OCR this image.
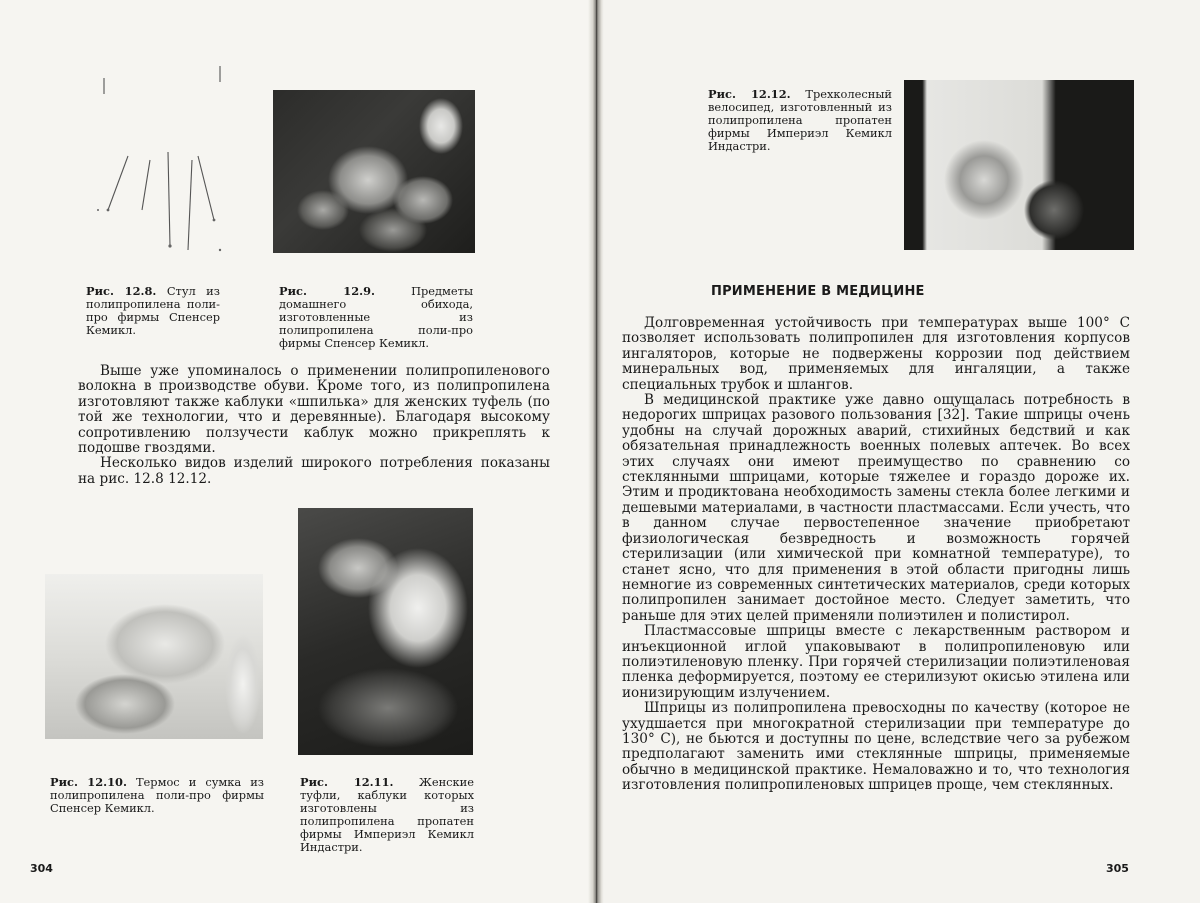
Рис. 12.8. Стул из полипропилена поли-про фирмы Спенсер Кемикл.
Рис. 12.9.	Предметы домашнего обихода, изготовленные из полипропилена поли-про фирмы Спенсер Кемикл.

Выше уже упоминалось о применении полипропиленового волокна в производстве обуви. Кроме того, из полипропилена изготовляют также каблуки «шпилька» для женских туфель (по той же технологии, что и деревянные). Благодаря высокому сопротивлению ползучести каблук можно прикреплять к подошве гвоздями.

Несколько видов изделий широкого потребления показаны на рис. 12.8 12.12.

Рис. 12.10. Термос и сумка из полипропилена поли-про фирмы Спенсер Кемикл.
Рис. 12.11. Женские туфли, каблуки которых изготовлены из полипропилена пропатен фирмы Империэл Кемикл Индастри.
304
Рис. 12.12. Трехколесный велосипед, изготовленный из полипропилена пропатен фирмы Империэл Кемикл Индастри.
ПРИМЕНЕНИЕ В МЕДИЦИНЕ

Долговременная устойчивость при температурах выше 100° С позволяет использовать полипропилен для изготовления корпусов ингаляторов, которые не подвержены коррозии под действием минеральных вод, применяемых для ингаляции, а также специальных трубок и шлангов.

В медицинской практике уже давно ощущалась потребность в недорогих шприцах разового пользования [32]. Такие шприцы очень удобны на случай дорожных аварий, стихийных бедствий и как обязательная принадлежность военных полевых аптечек. Во всех этих случаях они имеют преимущество по сравнению со стеклянными шприцами, которые тяжелее и гораздо дороже их. Этим и продиктована необходимость замены стекла более легкими и дешевыми материалами, в частности пластмассами. Если учесть, что в данном случае первостепенное значение приобретают физиологическая безвредность и возможность горячей стерилизации (или химической при комнатной температуре), то станет ясно, что для применения в этой области пригодны лишь немногие из современных синтетических материалов, среди которых полипропилен занимает достойное место. Следует заметить, что раньше для этих целей применяли полиэтилен и полистирол.

Пластмассовые шприцы вместе с лекарственным раствором и инъекционной иглой упаковывают в полипропиленовую или полиэтиленовую пленку. При горячей стерилизации полиэтиленовая пленка деформируется, поэтому ее стерилизуют окисью этилена или ионизирующим излучением.

Шприцы из полипропилена превосходны по качеству (которое не ухудшается при многократной стерилизации при температуре до 130° С), не бьются и доступны по цене, вследствие чего за рубежом предполагают заменить ими стеклянные шприцы, применяемые обычно в медицинской практике. Немаловажно и то, что технология изготовления полипропиленовых шприцев проще, чем стеклянных.

305
